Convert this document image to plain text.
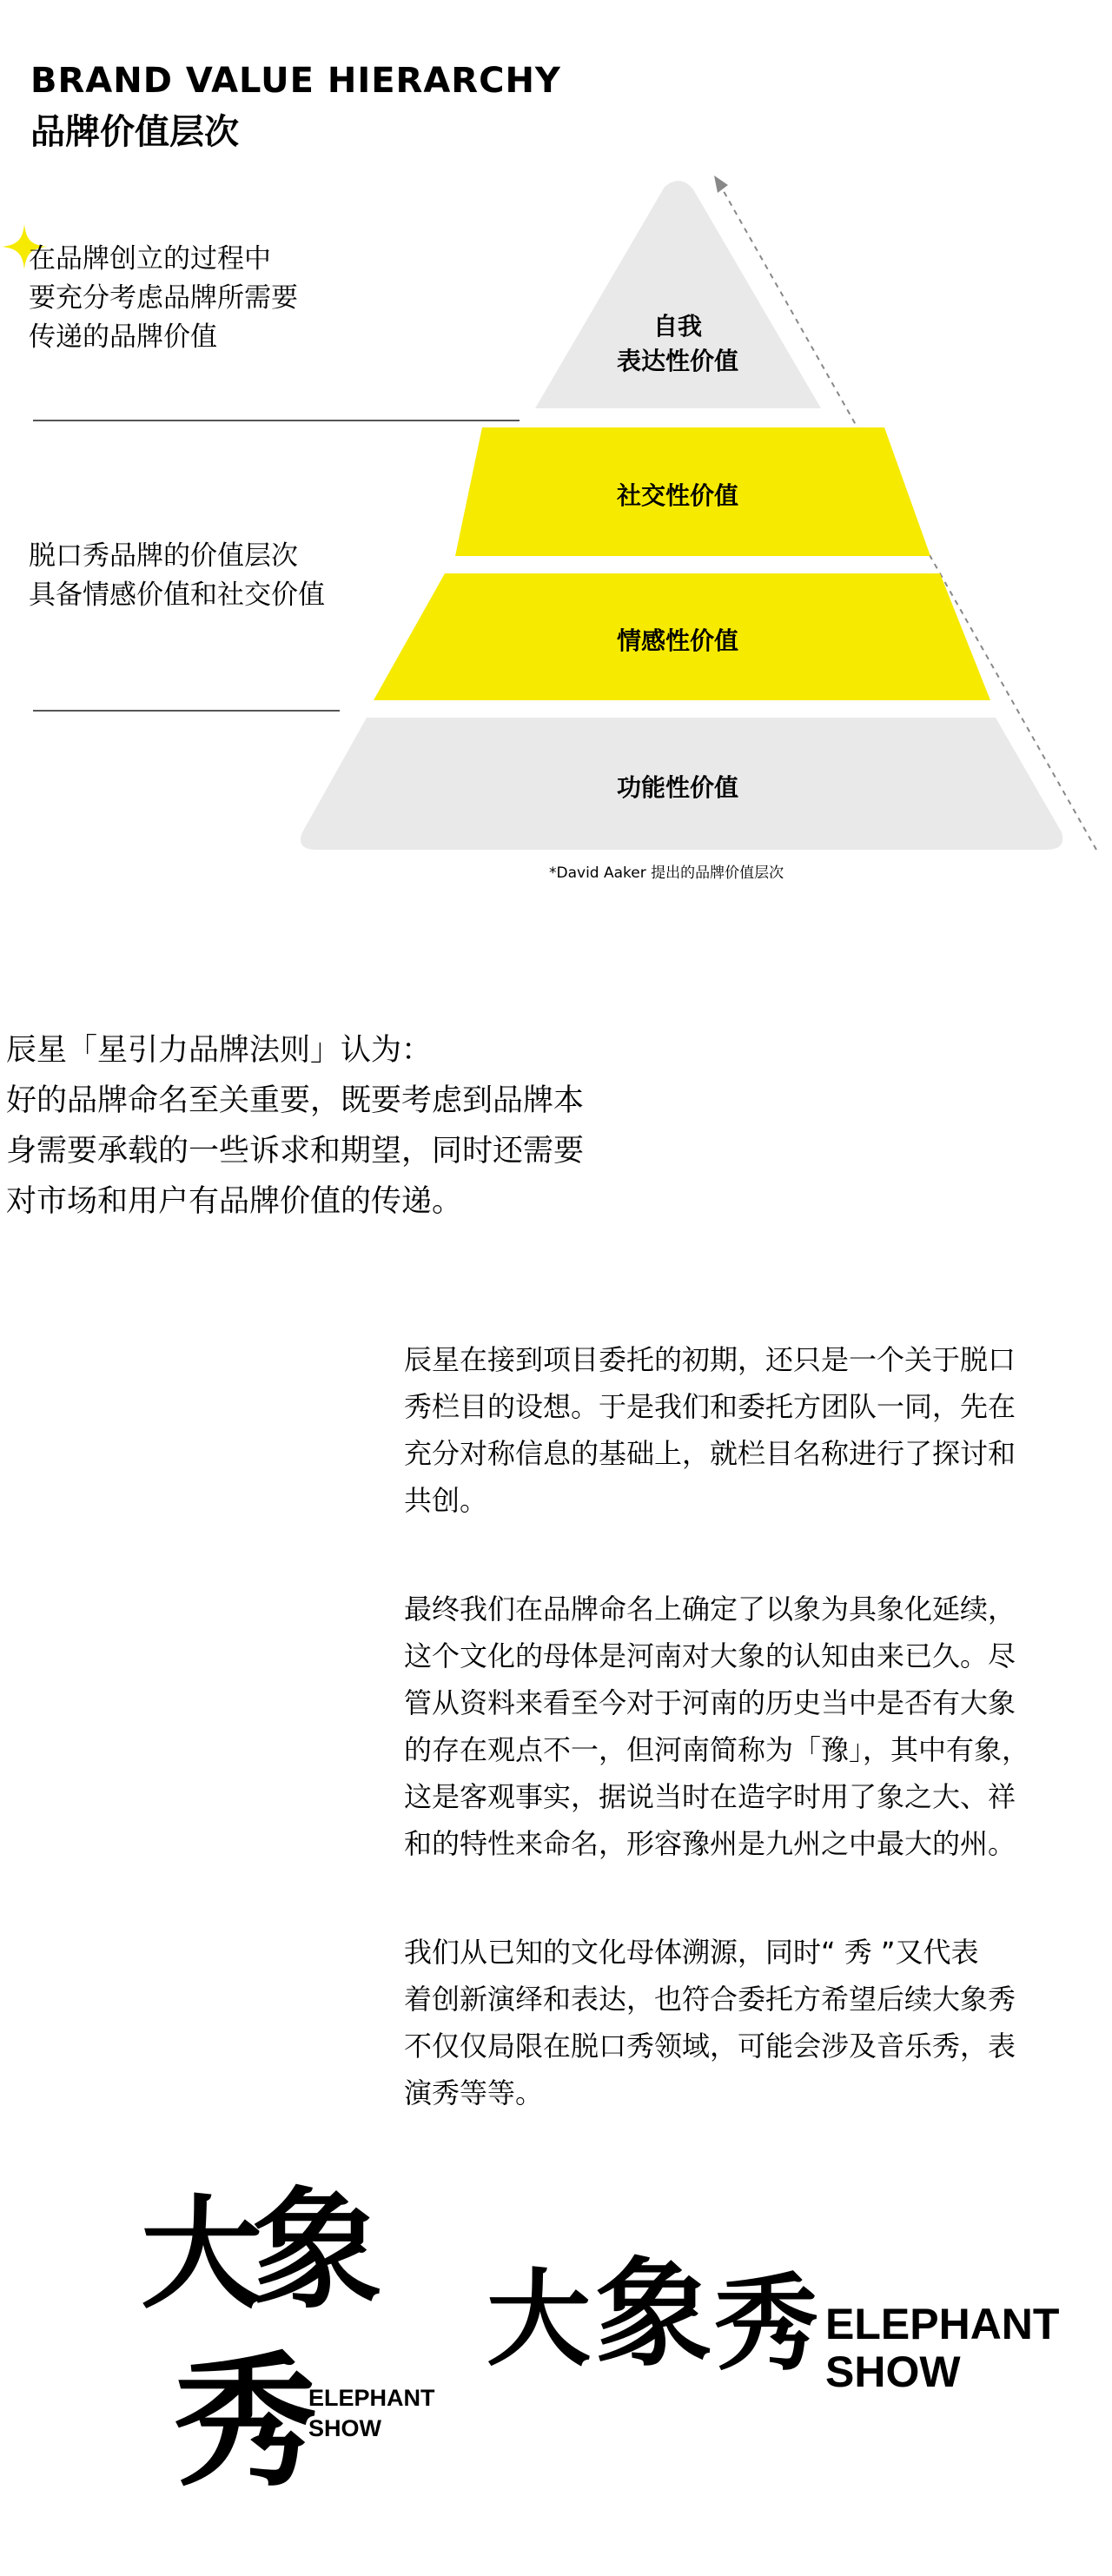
BRAND VALUE HIERARCHY
品牌价值层次
在品牌创立的过程中
要充分考虑品牌所需要
传递的品牌价值
脱口秀品牌的价值层次
具备情感价值和社交价值
自我
表达性价值
社交性价值
情感性价值
功能性价值
*David Aaker 提出的品牌价值层次
辰星「星引力品牌法则」认为：
好的品牌命名至关重要，既要考虑到品牌本
身需要承载的一些诉求和期望，同时还需要
对市场和用户有品牌价值的传递。
辰星在接到项目委托的初期，还只是一个关于脱口
秀栏目的设想。于是我们和委托方团队一同，先在
充分对称信息的基础上，就栏目名称进行了探讨和
共创。
最终我们在品牌命名上确定了以象为具象化延续，
这个文化的母体是河南对大象的认知由来已久。尽
管从资料来看至今对于河南的历史当中是否有大象
的存在观点不一，但河南简称为「豫」，其中有象，
这是客观事实，据说当时在造字时用了象之大、祥
和的特性来命名，形容豫州是九州之中最大的州。
我们从已知的文化母体溯源，同时“ 秀 ”又代表
着创新演绎和表达，也符合委托方希望后续大象秀
不仅仅局限在脱口秀领域，可能会涉及音乐秀，表
演秀等等。
大
象
秀
ELEPHANT
SHOW
大 象 秀 ELEPHANT
SHOW
